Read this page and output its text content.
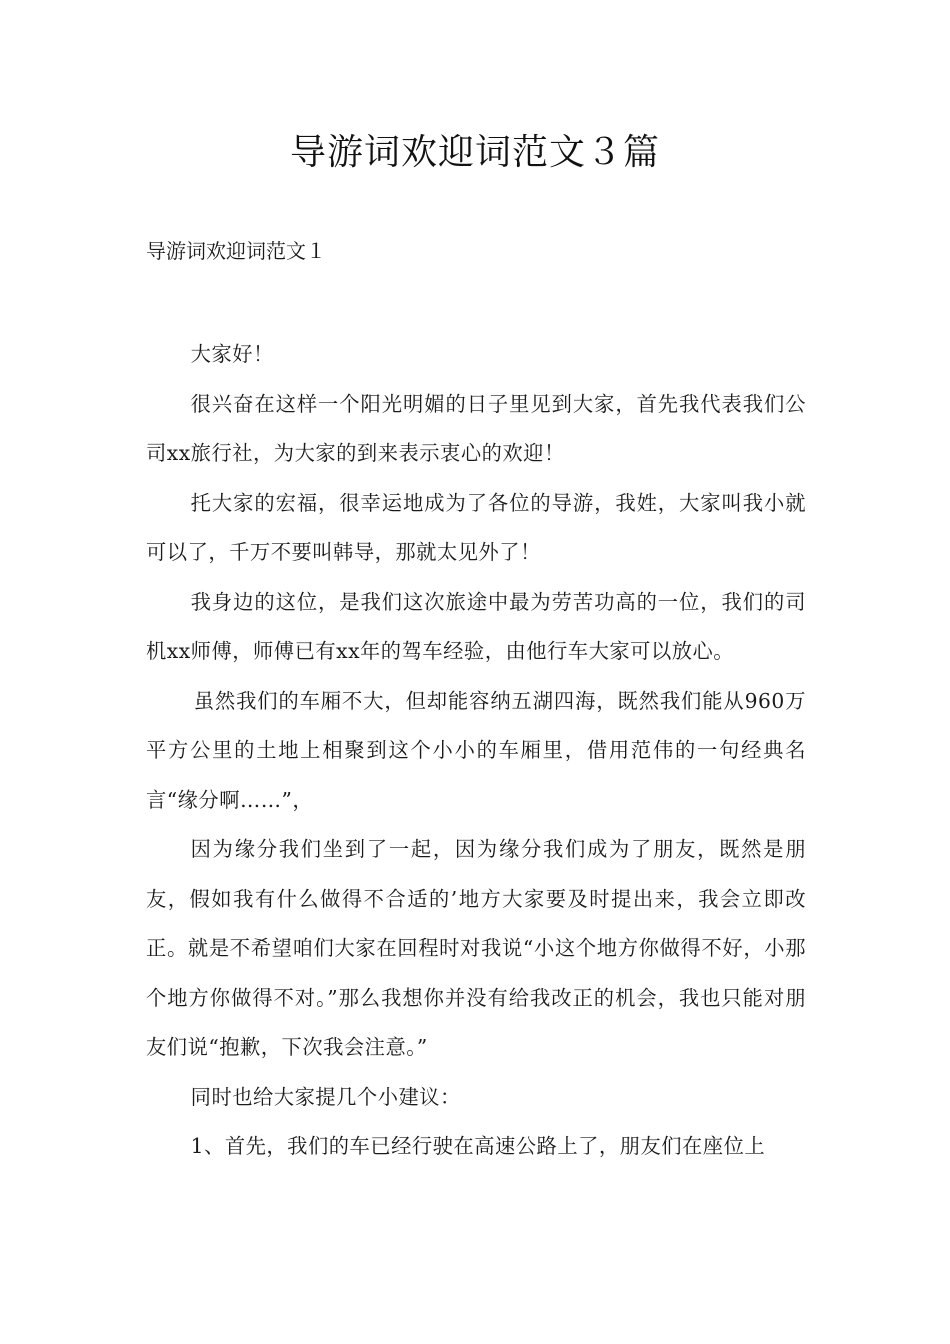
导游词欢迎词范文３篇
导游词欢迎词范文１

大家好！

很兴奋在这样一个阳光明媚的日子里见到大家，首先我代表我们公司xx旅行社，为大家的到来表示衷心的欢迎！

托大家的宏福，很幸运地成为了各位的导游，我姓，大家叫我小就可以了，千万不要叫韩导，那就太见外了！

我身边的这位，是我们这次旅途中最为劳苦功高的一位，我们的司机xx师傅，师傅已有xx年的驾车经验，由他行车大家可以放心。

虽然我们的车厢不大，但却能容纳五湖四海，既然我们能从960万平方公里的土地上相聚到这个小小的车厢里，借用范伟的一句经典名言“缘分啊……”，

因为缘分我们坐到了一起，因为缘分我们成为了朋友，既然是朋友，假如我有什么做得不合适的’地方大家要及时提出来，我会立即改正。就是不希望咱们大家在回程时对我说“小这个地方你做得不好，小那个地方你做得不对。”那么我想你并没有给我改正的机会，我也只能对朋友们说“抱歉，下次我会注意。”

同时也给大家提几个小建议：

1、首先，我们的车已经行驶在高速公路上了，朋友们在座位上
